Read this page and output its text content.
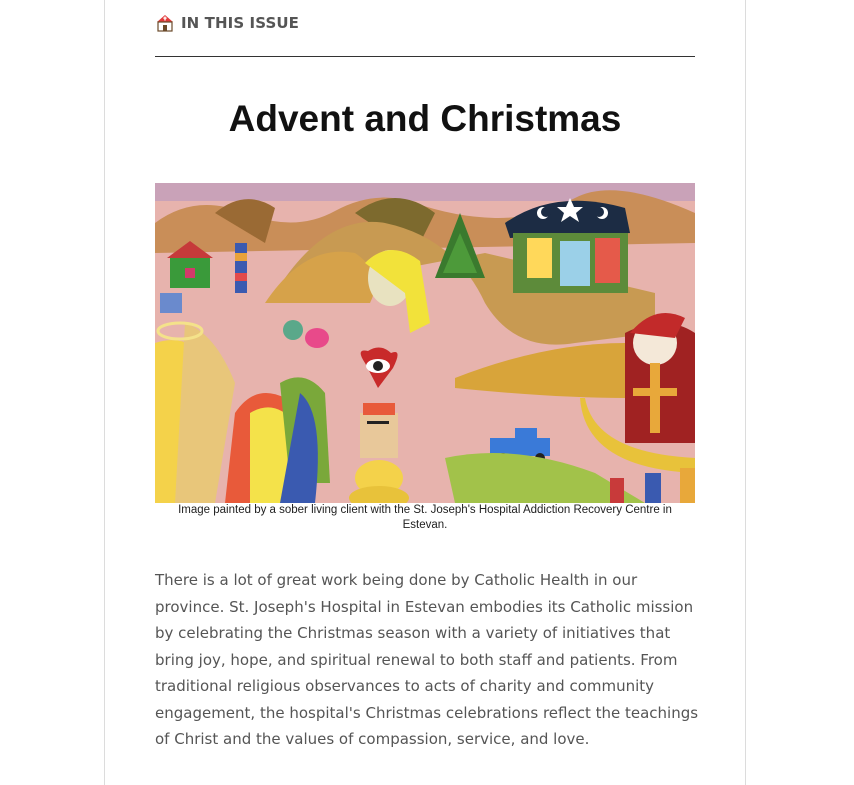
IN THIS ISSUE
Advent and Christmas
Image painted by a sober living client with the St. Joseph's Hospital Addiction Recovery Centre in Estevan.

There is a lot of great work being done by Catholic Health in our province. St. Joseph's Hospital in Estevan embodies its Catholic mission by celebrating the Christmas season with a variety of initiatives that bring joy, hope, and spiritual renewal to both staff and patients. From traditional religious observances to acts of charity and community engagement, the hospital's Christmas celebrations reflect the teachings of Christ and the values of compassion, service, and love.
